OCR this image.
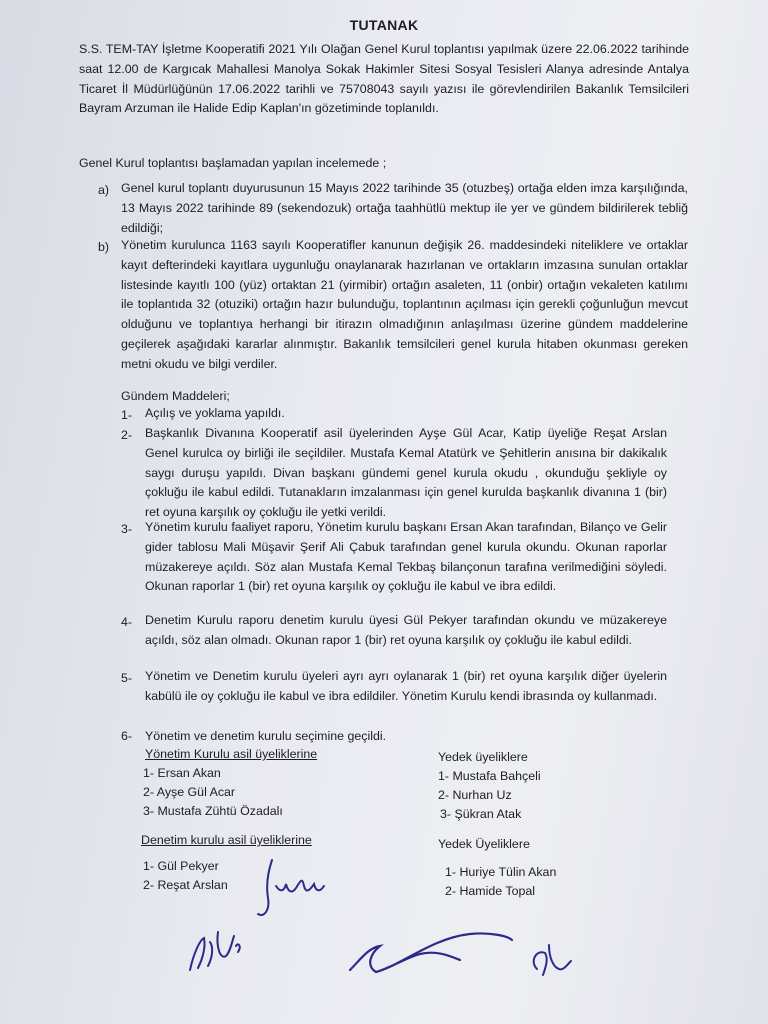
TUTANAK
S.S. TEM-TAY İşletme Kooperatifi 2021 Yılı Olağan Genel Kurul toplantısı yapılmak üzere 22.06.2022 tarihinde saat 12.00 de Kargıcak Mahallesi Manolya Sokak Hakimler Sitesi Sosyal Tesisleri Alanya adresinde Antalya Ticaret İl Müdürlüğünün 17.06.2022 tarihli ve 75708043 sayılı yazısı ile görevlendirilen Bakanlık Temsilcileri Bayram Arzuman ile Halide Edip Kaplan'ın gözetiminde toplanıldı.
Genel Kurul toplantısı başlamadan yapılan incelemede ;
a) Genel kurul toplantı duyurusunun 15 Mayıs 2022 tarihinde 35 (otuzbeş) ortağa elden imza karşılığında, 13 Mayıs 2022 tarihinde 89 (sekendozuk) ortağa taahhütlü mektup ile yer ve gündem bildirilerek tebliğ edildiği;
b) Yönetim kurulunca 1163 sayılı Kooperatifler kanunun değişik 26. maddesindeki niteliklere ve ortaklar kayıt defterindeki kayıtlara uygunluğu onaylanarak hazırlanan ve ortakların imzasına sunulan ortaklar listesinde kayıtlı 100 (yüz) ortaktan 21 (yirmibir) ortağın asaleten, 11 (onbir) ortağın vekaleten katılımı ile toplantıda 32 (otuziki) ortağın hazır bulunduğu, toplantının açılması için gerekli çoğunluğun mevcut olduğunu ve toplantıya herhangi bir itirazın olmadığının anlaşılması üzerine gündem maddelerine geçilerek aşağıdaki kararlar alınmıştır. Bakanlık temsilcileri genel kurula hitaben okunması gereken metni okudu ve bilgi verdiler.
Gündem Maddeleri;
1- Açılış ve yoklama yapıldı.
2- Başkanlık Divanına Kooperatif asil üyelerinden Ayşe Gül Acar, Katip üyeliğe Reşat Arslan Genel kurulca oy birliği ile seçildiler. Mustafa Kemal Atatürk ve Şehitlerin anısına bir dakikalık saygı duruşu yapıldı. Divan başkanı gündemi genel kurula okudu , okunduğu şekliyle oy çokluğu ile kabul edildi. Tutanakların imzalanması için genel kurulda başkanlık divanına 1 (bir) ret oyuna karşılık oy çokluğu ile yetki verildi.
3- Yönetim kurulu faaliyet raporu, Yönetim kurulu başkanı Ersan Akan tarafından, Bilanço ve Gelir gider tablosu Mali Müşavir Şerif Ali Çabuk tarafından genel kurula okundu. Okunan raporlar müzakereye açıldı. Söz alan Mustafa Kemal Tekbaş bilançonun tarafına verilmediğini söyledi. Okunan raporlar 1 (bir) ret oyuna karşılık oy çokluğu ile kabul ve ibra edildi.
4- Denetim Kurulu raporu denetim kurulu üyesi Gül Pekyer tarafından okundu ve müzakereye açıldı, söz alan olmadı. Okunan rapor 1 (bir) ret oyuna karşılık oy çokluğu ile kabul edildi.
5- Yönetim ve Denetim kurulu üyeleri ayrı ayrı oylanarak 1 (bir) ret oyuna karşılık diğer üyelerin kabülü ile oy çokluğu ile kabul ve ibra edildiler. Yönetim Kurulu kendi ibrasında oy kullanmadı.
6- Yönetim ve denetim kurulu seçimine geçildi.
Yönetim Kurulu asil üyeliklerine
1- Ersan Akan
2- Ayşe Gül Acar
3- Mustafa Zühtü Özadalı
Yedek üyeliklere
1- Mustafa Bahçeli
2- Nurhan Uz
3- Şükran Atak
Denetim kurulu asil üyeliklerine
1- Gül Pekyer
2- Reşat Arslan
Yedek Üyeliklere
1- Huriye Tülin Akan
2- Hamide Topal
